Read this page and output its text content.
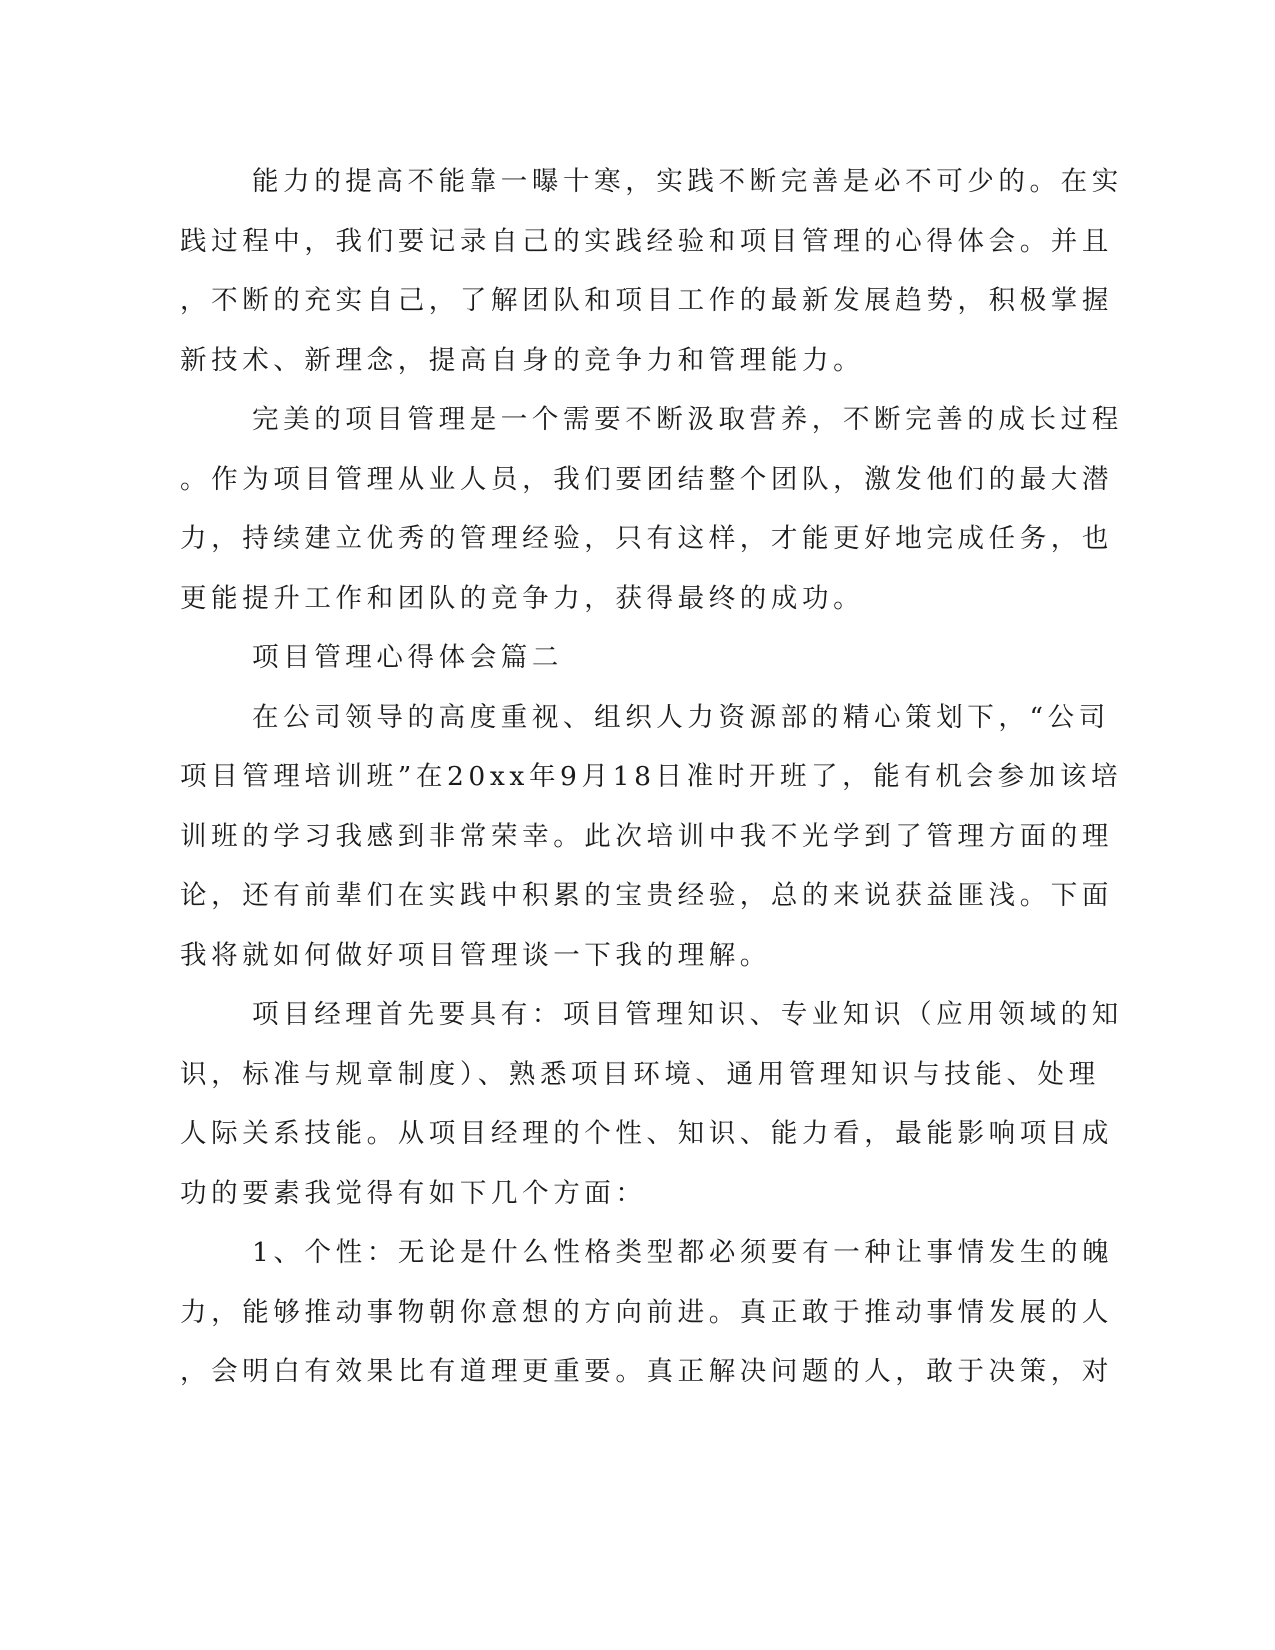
能力的提高不能靠一曝十寒，实践不断完善是必不可少的。在实
践过程中，我们要记录自己的实践经验和项目管理的心得体会。并且
，不断的充实自己，了解团队和项目工作的最新发展趋势，积极掌握
新技术、新理念，提高自身的竞争力和管理能力。
完美的项目管理是一个需要不断汲取营养，不断完善的成长过程
。作为项目管理从业人员，我们要团结整个团队，激发他们的最大潜
力，持续建立优秀的管理经验，只有这样，才能更好地完成任务，也
更能提升工作和团队的竞争力，获得最终的成功。
项目管理心得体会篇二
在公司领导的高度重视、组织人力资源部的精心策划下，“公司
项目管理培训班”在20xx年9月18日准时开班了，能有机会参加该培
训班的学习我感到非常荣幸。此次培训中我不光学到了管理方面的理
论，还有前辈们在实践中积累的宝贵经验，总的来说获益匪浅。下面
我将就如何做好项目管理谈一下我的理解。
项目经理首先要具有：项目管理知识、专业知识（应用领域的知
识，标准与规章制度）、熟悉项目环境、通用管理知识与技能、处理
人际关系技能。从项目经理的个性、知识、能力看，最能影响项目成
功的要素我觉得有如下几个方面：
1、个性：无论是什么性格类型都必须要有一种让事情发生的魄
力，能够推动事物朝你意想的方向前进。真正敢于推动事情发展的人
，会明白有效果比有道理更重要。真正解决问题的人，敢于决策，对
